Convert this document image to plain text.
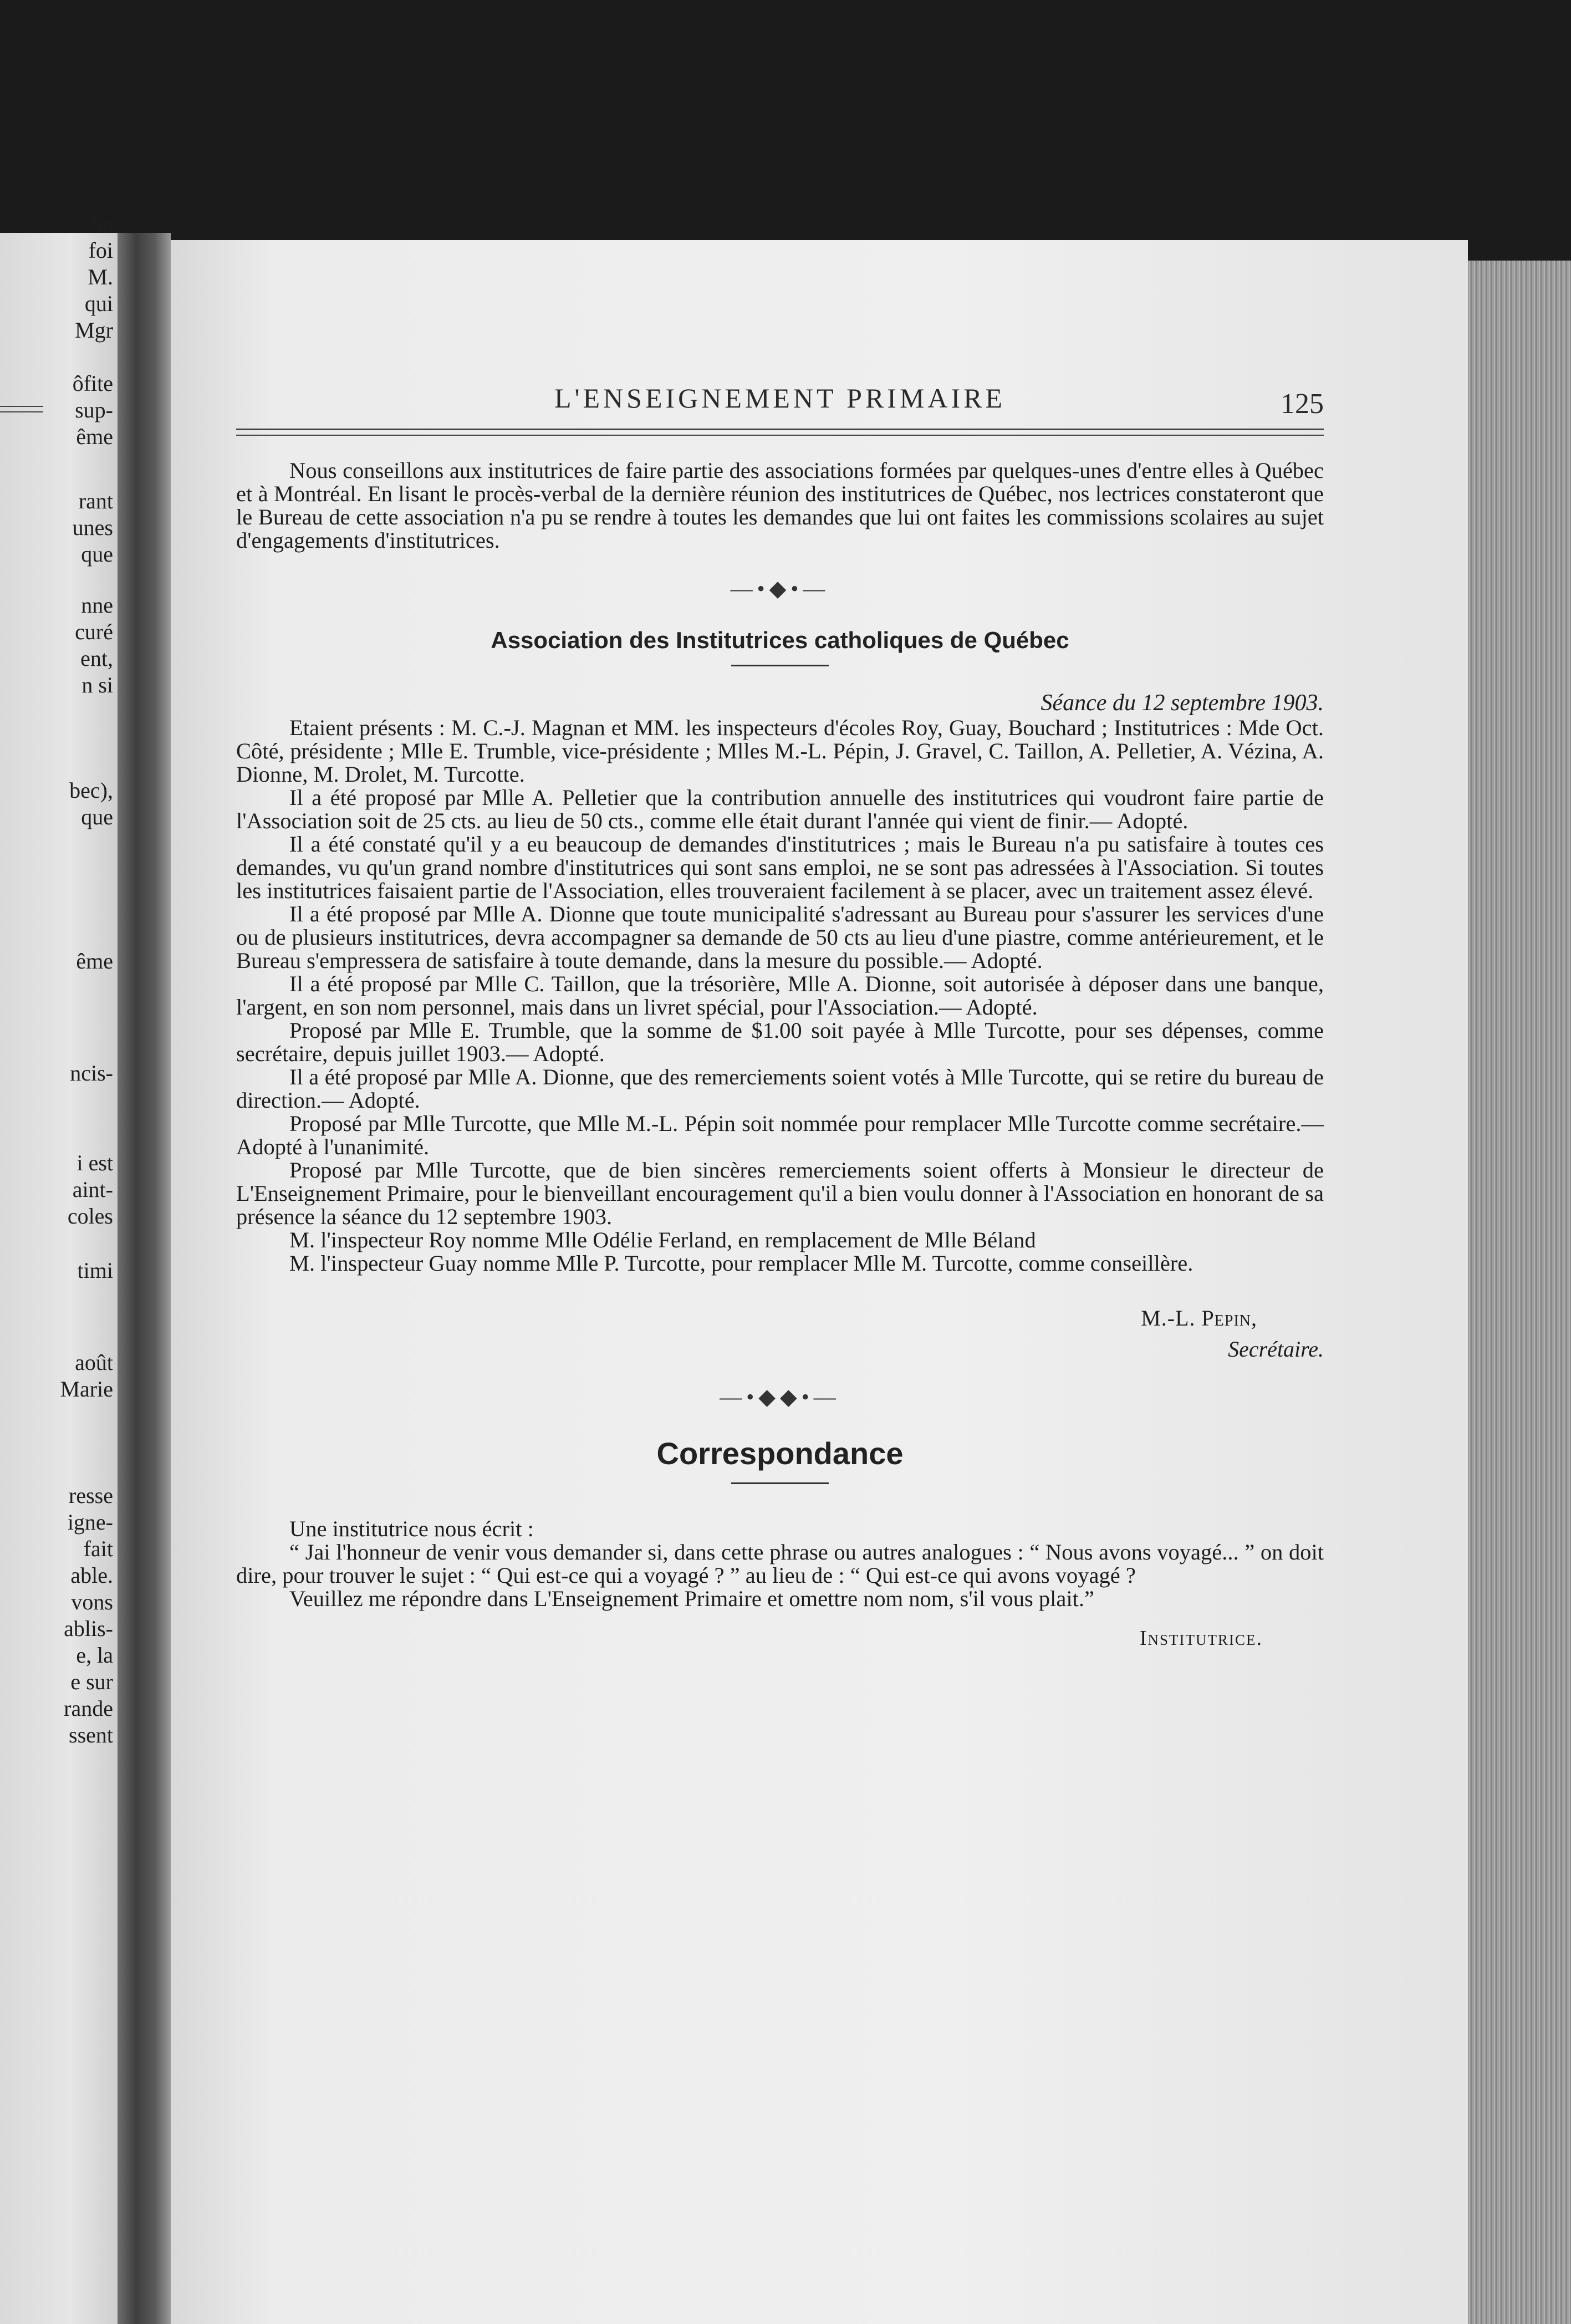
Sa
foi
M.
qui
Mgr
ôfite
sup-
ême
rant
unes
que
nne
curé
ent,
n si
bec),
que
ême
ncis-
i est
aint-
coles
timi
août
Marie
resse
igne-
fait
able.
vons
ablis-
e, la
e sur
rande
ssent
L'ENSEIGNEMENT PRIMAIRE	125

Nous conseillons aux institutrices de faire partie des associations formées par quelques-unes d'entre elles à Québec et à Montréal. En lisant le procès-verbal de la dernière réunion des institutrices de Québec, nos lectrices constateront que le Bureau de cette association n'a pu se rendre à toutes les demandes que lui ont faites les commissions scolaires au sujet d'engagements d'institutrices.

—•◆•—
Association des Institutrices catholiques de Québec
Séance du 12 septembre 1903.

Etaient présents : M. C.-J. Magnan et MM. les inspecteurs d'écoles Roy, Guay, Bouchard ; Institutrices : Mde Oct. Côté, présidente ; Mlle E. Trumble, vice-présidente ; Mlles M.-L. Pépin, J. Gravel, C. Taillon, A. Pelletier, A. Vézina, A. Dionne, M. Drolet, M. Turcotte.

Il a été proposé par Mlle A. Pelletier que la contribution annuelle des institutrices qui voudront faire partie de l'Association soit de 25 cts. au lieu de 50 cts., comme elle était durant l'année qui vient de finir.— Adopté.

Il a été constaté qu'il y a eu beaucoup de demandes d'institutrices ; mais le Bureau n'a pu satisfaire à toutes ces demandes, vu qu'un grand nombre d'institutrices qui sont sans emploi, ne se sont pas adressées à l'Association. Si toutes les institutrices faisaient partie de l'Association, elles trouveraient facilement à se placer, avec un traitement assez élevé.

Il a été proposé par Mlle A. Dionne que toute municipalité s'adressant au Bureau pour s'assurer les services d'une ou de plusieurs institutrices, devra accompagner sa demande de 50 cts au lieu d'une piastre, comme antérieurement, et le Bureau s'empressera de satisfaire à toute demande, dans la mesure du possible.— Adopté.

Il a été proposé par Mlle C. Taillon, que la trésorière, Mlle A. Dionne, soit autorisée à déposer dans une banque, l'argent, en son nom personnel, mais dans un livret spécial, pour l'Association.— Adopté.

Proposé par Mlle E. Trumble, que la somme de $1.00 soit payée à Mlle Turcotte, pour ses dépenses, comme secrétaire, depuis juillet 1903.— Adopté.

Il a été proposé par Mlle A. Dionne, que des remerciements soient votés à Mlle Turcotte, qui se retire du bureau de direction.— Adopté.

Proposé par Mlle Turcotte, que Mlle M.-L. Pépin soit nommée pour remplacer Mlle Turcotte comme secrétaire.— Adopté à l'unanimité.

Proposé par Mlle Turcotte, que de bien sincères remerciements soient offerts à Monsieur le directeur de L'Enseignement Primaire, pour le bienveillant encouragement qu'il a bien voulu donner à l'Association en honorant de sa présence la séance du 12 septembre 1903.

M. l'inspecteur Roy nomme Mlle Odélie Ferland, en remplacement de Mlle Béland

M. l'inspecteur Guay nomme Mlle P. Turcotte, pour remplacer Mlle M. Turcotte, comme conseillère.

M.-L. Pepin,
Secrétaire.
—•◆◆•—
Correspondance

Une institutrice nous écrit :

“ Jai l'honneur de venir vous demander si, dans cette phrase ou autres analogues : “ Nous avons voyagé... ” on doit dire, pour trouver le sujet : “ Qui est-ce qui a voyagé ? ” au lieu de : “ Qui est-ce qui avons voyagé ?

Veuillez me répondre dans L'Enseignement Primaire et omettre nom nom, s'il vous plait.”

Institutrice.
